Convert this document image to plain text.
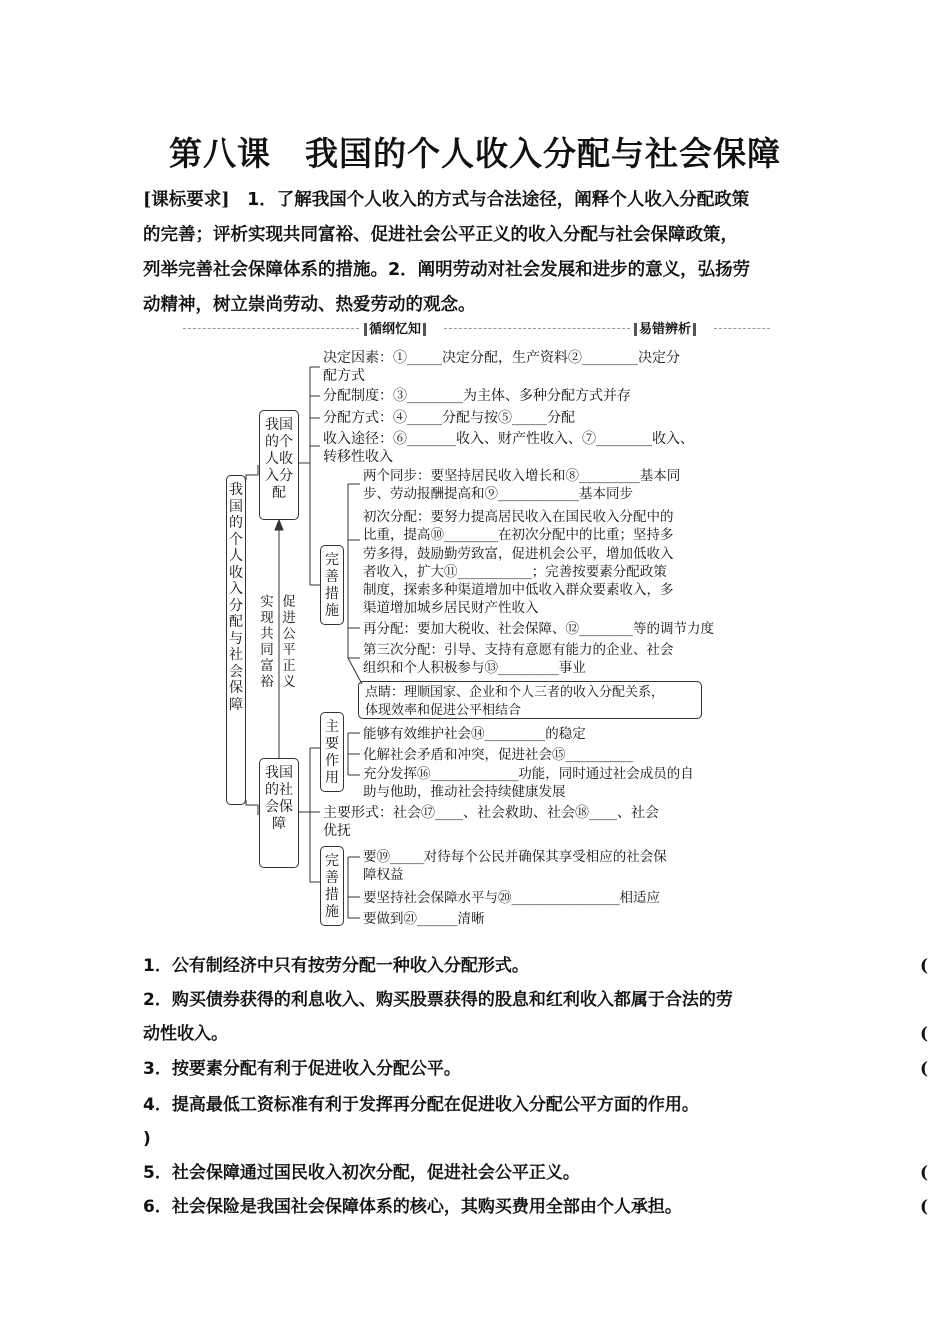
第八课　我国的个人收入分配与社会保障
[课标要求]　 1．了解我国个人收入的方式与合法途径，阐释个人收入分配政策
的完善；评析实现共同富裕、促进社会公平正义的收入分配与社会保障政策，
列举完善社会保障体系的措施。2．阐明劳动对社会发展和进步的意义，弘扬劳
动精神，树立崇尚劳动、热爱劳动的观念。
循纲忆知	易错辨析
我国的个人收入分配与社会保障
实现共同富裕
促进公平正义
我国的个人收入分配
完善措施
我国的社会保障
主要作用
完善措施
决定因素：①_____决定分配，生产资料②________决定分
配方式
分配制度：③________为主体、多种分配方式并存
分配方式：④_____分配与按⑤_____分配
收入途径：⑥_______收入、财产性收入、⑦________收入、
转移性收入
两个同步：要坚持居民收入增长和⑧_________基本同
步、劳动报酬提高和⑨____________基本同步
初次分配：要努力提高居民收入在国民收入分配中的
比重，提高⑩________在初次分配中的比重；坚持多
劳多得，鼓励勤劳致富，促进机会公平，增加低收入
者收入，扩大⑪___________；完善按要素分配政策
制度，探索多种渠道增加中低收入群众要素收入，多
渠道增加城乡居民财产性收入
再分配：要加大税收、社会保障、⑫________等的调节力度
第三次分配：引导、支持有意愿有能力的企业、社会
组织和个人积极参与⑬_________事业
点睛：理顺国家、企业和个人三者的收入分配关系，
体现效率和促进公平相结合
能够有效维护社会⑭_________的稳定
化解社会矛盾和冲突，促进社会⑮__________
充分发挥⑯_____________功能，同时通过社会成员的自
助与他助，推动社会持续健康发展
主要形式：社会⑰____、社会救助、社会⑱____、社会
优抚
要⑲_____对待每个公民并确保其享受相应的社会保
障权益
要坚持社会保障水平与⑳________________相适应
要做到㉑______清晰
1．公有制经济中只有按劳分配一种收入分配形式。	(
2．购买债券获得的利息收入、购买股票获得的股息和红利收入都属于合法的劳
动性收入。	(
3．按要素分配有利于促进收入分配公平。	(
4．提高最低工资标准有利于发挥再分配在促进收入分配公平方面的作用。
)
5．社会保障通过国民收入初次分配，促进社会公平正义。	(
6．社会保险是我国社会保障体系的核心，其购买费用全部由个人承担。	(
